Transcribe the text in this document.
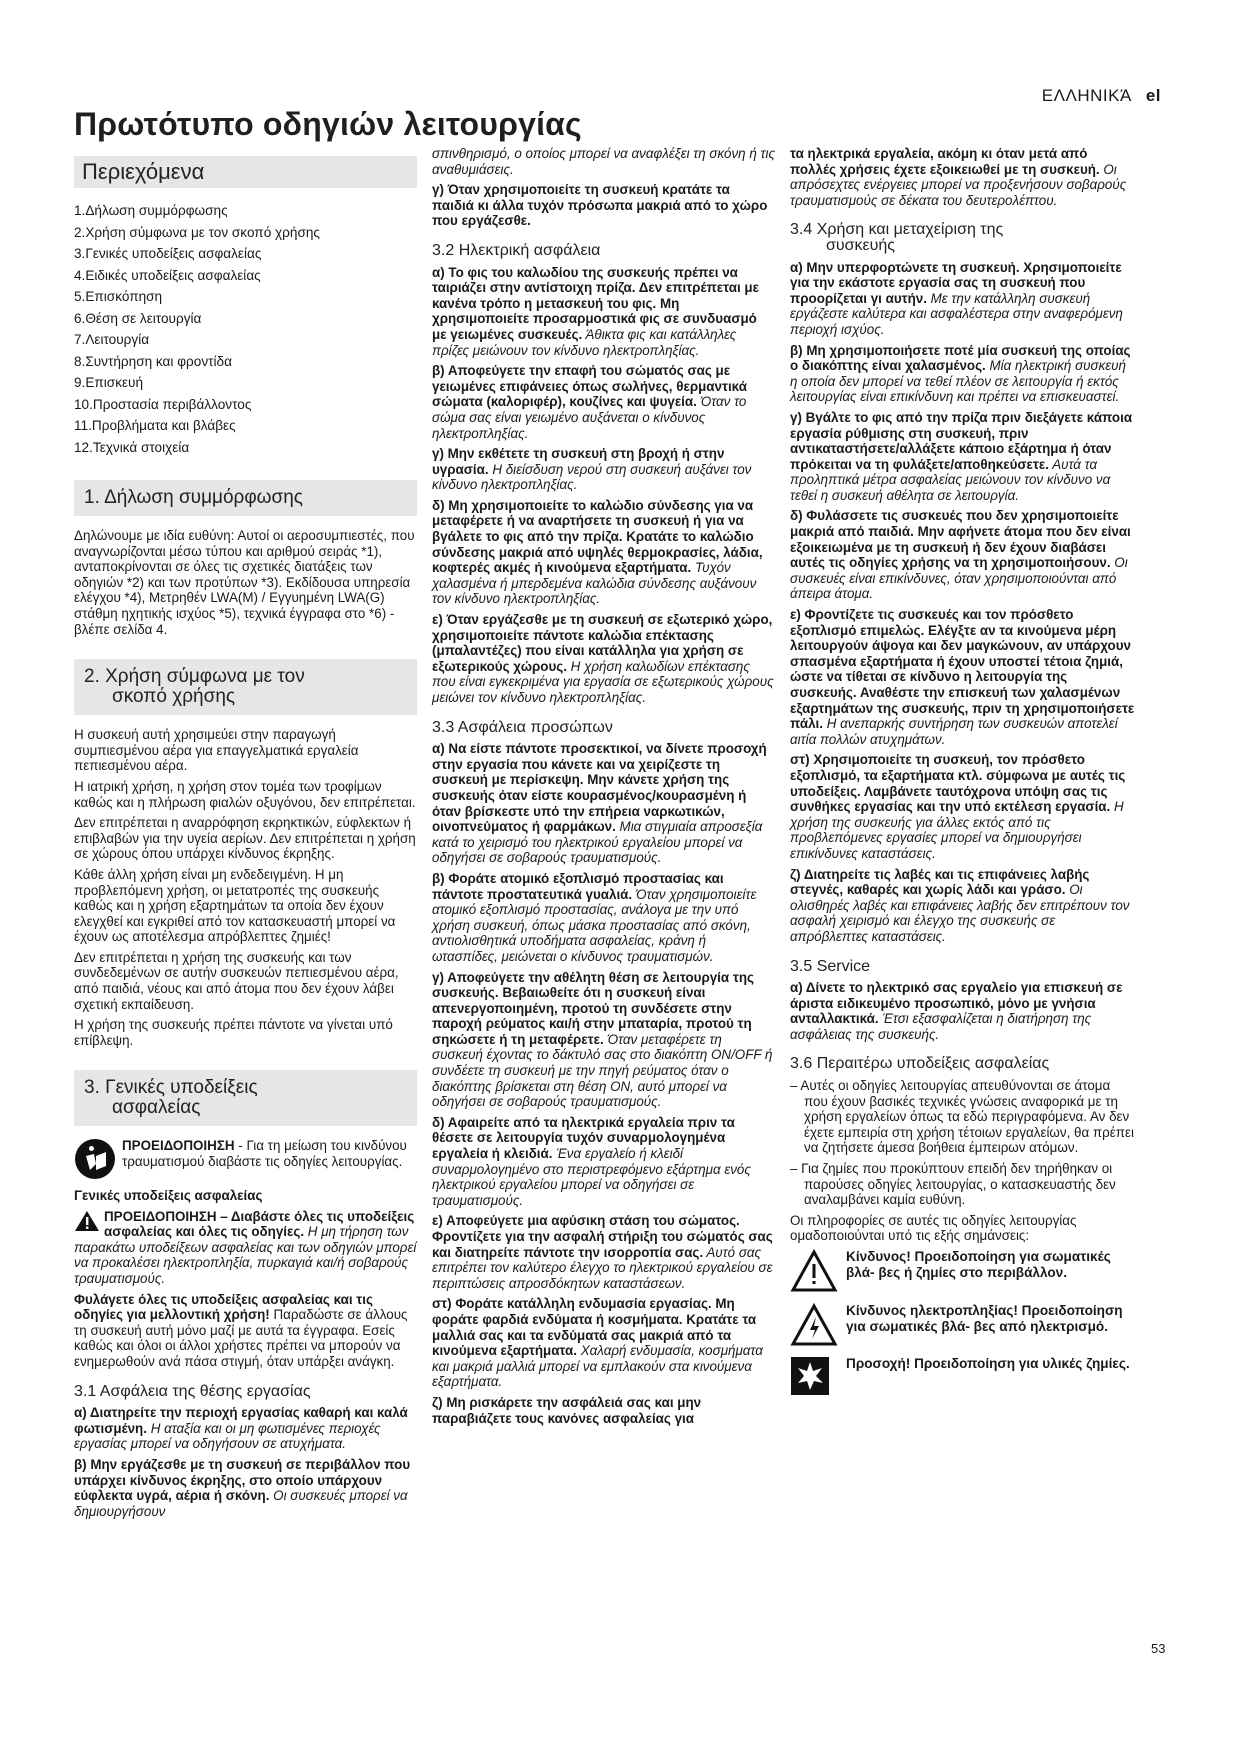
ΕΛΛΗΝΙΚΆ el
Πρωτότυπο οδηγιών λειτουργίας
Περιεχόμενα
1.Δήλωση συμμόρφωσης
2.Χρήση σύμφωνα με τον σκοπό χρήσης
3.Γενικές υποδείξεις ασφαλείας
4.Ειδικές υποδείξεις ασφαλείας
5.Επισκόπηση
6.Θέση σε λειτουργία
7.Λειτουργία
8.Συντήρηση και φροντίδα
9.Επισκευή
10.Προστασία περιβάλλοντος
11.Προβλήματα και βλάβες
12.Τεχνικά στοιχεία
1. Δήλωση συμμόρφωσης

Δηλώνουμε με ιδία ευθύνη: Αυτοί οι αεροσυμπιεστές, που αναγνωρίζονται μέσω τύπου και αριθμού σειράς *1), ανταποκρίνονται σε όλες τις σχετικές διατάξεις των οδηγιών *2) και των προτύπων *3). Εκδίδουσα υπηρεσία ελέγχου *4), Μετρηθέν LWA(M) / Εγγυημένη LWA(G) στάθμη ηχητικής ισχύος *5), τεχνικά έγγραφα στο *6) - βλέπε σελίδα 4.

2. Χρήση σύμφωνα με τον
σκοπό χρήσης

Η συσκευή αυτή χρησιμεύει στην παραγωγή συμπιεσμένου αέρα για επαγγελματικά εργαλεία πεπιεσμένου αέρα.

Η ιατρική χρήση, η χρήση στον τομέα των τροφίμων καθώς και η πλήρωση φιαλών οξυγόνου, δεν επιτρέπεται.

Δεν επιτρέπεται η αναρρόφηση εκρηκτικών, εύφλεκτων ή επιβλαβών για την υγεία αερίων. Δεν επιτρέπεται η χρήση σε χώρους όπου υπάρχει κίνδυνος έκρηξης.

Κάθε άλλη χρήση είναι μη ενδεδειγμένη. Η μη προβλεπόμενη χρήση, οι μετατροπές της συσκευής καθώς και η χρήση εξαρτημάτων τα οποία δεν έχουν ελεγχθεί και εγκριθεί από τον κατασκευαστή μπορεί να έχουν ως αποτέλεσμα απρόβλεπτες ζημιές!

Δεν επιτρέπεται η χρήση της συσκευής και των συνδεδεμένων σε αυτήν συσκευών πεπιεσμένου αέρα, από παιδιά, νέους και από άτομα που δεν έχουν λάβει σχετική εκπαίδευση.

Η χρήση της συσκευής πρέπει πάντοτε να γίνεται υπό επίβλεψη.

3. Γενικές υποδείξεις
ασφαλείας

ΠΡΟΕΙΔΟΠΟΙΗΣΗ - Για τη μείωση του κινδύνου τραυματισμού διαβάστε τις οδηγίες λειτουργίας.

Γενικές υποδείξεις ασφαλείας

ΠΡΟΕΙΔΟΠΟΙΗΣΗ – Διαβάστε όλες τις υποδείξεις ασφαλείας και όλες τις οδηγίες. Η μη τήρηση των παρακάτω υποδείξεων ασφαλείας και των οδηγιών μπορεί να προκαλέσει ηλεκτροπληξία, πυρκαγιά και/ή σοβαρούς τραυματισμούς.

Φυλάγετε όλες τις υποδείξεις ασφαλείας και τις οδηγίες για μελλοντική χρήση! Παραδώστε σε άλλους τη συσκευή αυτή μόνο μαζί με αυτά τα έγγραφα. Εσείς καθώς και όλοι οι άλλοι χρήστες πρέπει να μπορούν να ενημερωθούν ανά πάσα στιγμή, όταν υπάρξει ανάγκη.

3.1 Ασφάλεια της θέσης εργασίας

α) Διατηρείτε την περιοχή εργασίας καθαρή και καλά φωτισμένη. Η αταξία και οι μη φωτισμένες περιοχές εργασίας μπορεί να οδηγήσουν σε ατυχήματα.

β) Μην εργάζεσθε με τη συσκευή σε περιβάλλον που υπάρχει κίνδυνος έκρηξης, στο οποίο υπάρχουν εύφλεκτα υγρά, αέρια ή σκόνη. Οι συσκευές μπορεί να δημιουργήσουν

σπινθηρισμό, ο οποίος μπορεί να αναφλέξει τη σκόνη ή τις αναθυμιάσεις.

γ) Όταν χρησιμοποιείτε τη συσκευή κρατάτε τα παιδιά κι άλλα τυχόν πρόσωπα μακριά από το χώρο που εργάζεσθε.

3.2 Ηλεκτρική ασφάλεια

α) Το φις του καλωδίου της συσκευής πρέπει να ταιριάζει στην αντίστοιχη πρίζα. Δεν επιτρέπεται με κανένα τρόπο η μετασκευή του φις. Μη χρησιμοποιείτε προσαρμοστικά φις σε συνδυασμό με γειωμένες συσκευές. Άθικτα φις και κατάλληλες πρίζες μειώνουν τον κίνδυνο ηλεκτροπληξίας.

β) Αποφεύγετε την επαφή του σώματός σας με γειωμένες επιφάνειες όπως σωλήνες, θερμαντικά σώματα (καλοριφέρ), κουζίνες και ψυγεία. Όταν το σώμα σας είναι γειωμένο αυξάνεται ο κίνδυνος ηλεκτροπληξίας.

γ) Μην εκθέτετε τη συσκευή στη βροχή ή στην υγρασία. Η διείσδυση νερού στη συσκευή αυξάνει τον κίνδυνο ηλεκτροπληξίας.

δ) Μη χρησιμοποιείτε το καλώδιο σύνδεσης για να μεταφέρετε ή να αναρτήσετε τη συσκευή ή για να βγάλετε το φις από την πρίζα. Κρατάτε το καλώδιο σύνδεσης μακριά από υψηλές θερμοκρασίες, λάδια, κοφτερές ακμές ή κινούμενα εξαρτήματα. Τυχόν χαλασμένα ή μπερδεμένα καλώδια σύνδεσης αυξάνουν τον κίνδυνο ηλεκτροπληξίας.

ε) Όταν εργάζεσθε με τη συσκευή σε εξωτερικό χώρο, χρησιμοποιείτε πάντοτε καλώδια επέκτασης (μπαλαντέζες) που είναι κατάλληλα για χρήση σε εξωτερικούς χώρους. Η χρήση καλωδίων επέκτασης που είναι εγκεκριμένα για εργασία σε εξωτερικούς χώρους μειώνει τον κίνδυνο ηλεκτροπληξίας.

3.3 Ασφάλεια προσώπων

α) Να είστε πάντοτε προσεκτικοί, να δίνετε προσοχή στην εργασία που κάνετε και να χειρίζεστε τη συσκευή με περίσκεψη. Μην κάνετε χρήση της συσκευής όταν είστε κουρασμένος/κουρασμένη ή όταν βρίσκεστε υπό την επήρεια ναρκωτικών, οινοπνεύματος ή φαρμάκων. Μια στιγμιαία απροσεξία κατά το χειρισμό του ηλεκτρικού εργαλείου μπορεί να οδηγήσει σε σοβαρούς τραυματισμούς.

β) Φοράτε ατομικό εξοπλισμό προστασίας και πάντοτε προστατευτικά γυαλιά. Όταν χρησιμοποιείτε ατομικό εξοπλισμό προστασίας, ανάλογα με την υπό χρήση συσκευή, όπως μάσκα προστασίας από σκόνη, αντιολισθητικά υποδήματα ασφαλείας, κράνη ή ωτασπίδες, μειώνεται ο κίνδυνος τραυματισμών.

γ) Αποφεύγετε την αθέλητη θέση σε λειτουργία της συσκευής. Βεβαιωθείτε ότι η συσκευή είναι απενεργοποιημένη, προτού τη συνδέσετε στην παροχή ρεύματος και/ή στην μπαταρία, προτού τη σηκώσετε ή τη μεταφέρετε. Όταν μεταφέρετε τη συσκευή έχοντας το δάκτυλό σας στο διακόπτη ON/OFF ή συνδέετε τη συσκευή με την πηγή ρεύματος όταν ο διακόπτης βρίσκεται στη θέση ON, αυτό μπορεί να οδηγήσει σε σοβαρούς τραυματισμούς.

δ) Αφαιρείτε από τα ηλεκτρικά εργαλεία πριν τα θέσετε σε λειτουργία τυχόν συναρμολογημένα εργαλεία ή κλειδιά. Ένα εργαλείο ή κλειδί συναρμολογημένο στο περιστρεφόμενο εξάρτημα ενός ηλεκτρικού εργαλείου μπορεί να οδηγήσει σε τραυματισμούς.

ε) Αποφεύγετε μια αφύσικη στάση του σώματος. Φροντίζετε για την ασφαλή στήριξη του σώματός σας και διατηρείτε πάντοτε την ισορροπία σας. Αυτό σας επιτρέπει τον καλύτερο έλεγχο το ηλεκτρικού εργαλείου σε περιπτώσεις απροσδόκητων καταστάσεων.

στ) Φοράτε κατάλληλη ενδυμασία εργασίας. Μη φοράτε φαρδιά ενδύματα ή κοσμήματα. Κρατάτε τα μαλλιά σας και τα ενδύματά σας μακριά από τα κινούμενα εξαρτήματα. Χαλαρή ενδυμασία, κοσμήματα και μακριά μαλλιά μπορεί να εμπλακούν στα κινούμενα εξαρτήματα.

ζ) Μη ρισκάρετε την ασφάλειά σας και μην παραβιάζετε τους κανόνες ασφαλείας για

τα ηλεκτρικά εργαλεία, ακόμη κι όταν μετά από πολλές χρήσεις έχετε εξοικειωθεί με τη συσκευή. Οι απρόσεχτες ενέργειες μπορεί να προξενήσουν σοβαρούς τραυματισμούς σε δέκατα του δευτερολέπτου.

3.4 Χρήση και μεταχείριση της
συσκευής

α) Μην υπερφορτώνετε τη συσκευή. Χρησιμοποιείτε για την εκάστοτε εργασία σας τη συσκευή που προορίζεται γι αυτήν. Με την κατάλληλη συσκευή εργάζεστε καλύτερα και ασφαλέστερα στην αναφερόμενη περιοχή ισχύος.

β) Μη χρησιμοποιήσετε ποτέ μία συσκευή της οποίας ο διακόπτης είναι χαλασμένος. Μία ηλεκτρική συσκευή η οποία δεν μπορεί να τεθεί πλέον σε λειτουργία ή εκτός λειτουργίας είναι επικίνδυνη και πρέπει να επισκευαστεί.

γ) Βγάλτε το φις από την πρίζα πριν διεξάγετε κάποια εργασία ρύθμισης στη συσκευή, πριν αντικαταστήσετε/αλλάξετε κάποιο εξάρτημα ή όταν πρόκειται να τη φυλάξετε/αποθηκεύσετε. Αυτά τα προληπτικά μέτρα ασφαλείας μειώνουν τον κίνδυνο να τεθεί η συσκευή αθέλητα σε λειτουργία.

δ) Φυλάσσετε τις συσκευές που δεν χρησιμοποιείτε μακριά από παιδιά. Μην αφήνετε άτομα που δεν είναι εξοικειωμένα με τη συσκευή ή δεν έχουν διαβάσει αυτές τις οδηγίες χρήσης να τη χρησιμοποιήσουν. Οι συσκευές είναι επικίνδυνες, όταν χρησιμοποιούνται από άπειρα άτομα.

ε) Φροντίζετε τις συσκευές και τον πρόσθετο εξοπλισμό επιμελώς. Ελέγξτε αν τα κινούμενα μέρη λειτουργούν άψογα και δεν μαγκώνουν, αν υπάρχουν σπασμένα εξαρτήματα ή έχουν υποστεί τέτοια ζημιά, ώστε να τίθεται σε κίνδυνο η λειτουργία της συσκευής. Αναθέστε την επισκευή των χαλασμένων εξαρτημάτων της συσκευής, πριν τη χρησιμοποιήσετε πάλι. Η ανεπαρκής συντήρηση των συσκευών αποτελεί αιτία πολλών ατυχημάτων.

στ) Χρησιμοποιείτε τη συσκευή, τον πρόσθετο εξοπλισμό, τα εξαρτήματα κτλ. σύμφωνα με αυτές τις υποδείξεις. Λαμβάνετε ταυτόχρονα υπόψη σας τις συνθήκες εργασίας και την υπό εκτέλεση εργασία. Η χρήση της συσκευής για άλλες εκτός από τις προβλεπόμενες εργασίες μπορεί να δημιουργήσει επικίνδυνες καταστάσεις.

ζ) Διατηρείτε τις λαβές και τις επιφάνειες λαβής στεγνές, καθαρές και χωρίς λάδι και γράσο. Οι ολισθηρές λαβές και επιφάνειες λαβής δεν επιτρέπουν τον ασφαλή χειρισμό και έλεγχο της συσκευής σε απρόβλεπτες καταστάσεις.

3.5 Service

α) Δίνετε το ηλεκτρικό σας εργαλείο για επισκευή σε άριστα ειδικευμένο προσωπικό, μόνο με γνήσια ανταλλακτικά. Έτσι εξασφαλίζεται η διατήρηση της ασφάλειας της συσκευής.

3.6 Περαιτέρω υποδείξεις ασφαλείας

– Αυτές οι οδηγίες λειτουργίας απευθύνονται σε άτομα που έχουν βασικές τεχνικές γνώσεις αναφορικά με τη χρήση εργαλείων όπως τα εδώ περιγραφόμενα. Αν δεν έχετε εμπειρία στη χρήση τέτοιων εργαλείων, θα πρέπει να ζητήσετε άμεσα βοήθεια έμπειρων ατόμων.

– Για ζημίες που προκύπτουν επειδή δεν τηρήθηκαν οι παρούσες οδηγίες λειτουργίας, ο κατασκευαστής δεν αναλαμβάνει καμία ευθύνη.

Οι πληροφορίες σε αυτές τις οδηγίες λειτουργίας ομαδοποιούνται υπό τις εξής σημάνσεις:

Κίνδυνος! Προειδοποίηση για σωματικές βλά- βες ή ζημίες στο περιβάλλον.
Κίνδυνος ηλεκτροπληξίας! Προειδοποίηση για σωματικές βλά- βες από ηλεκτρισμό.
Προσοχή! Προειδοποίηση για υλικές ζημίες.
53
